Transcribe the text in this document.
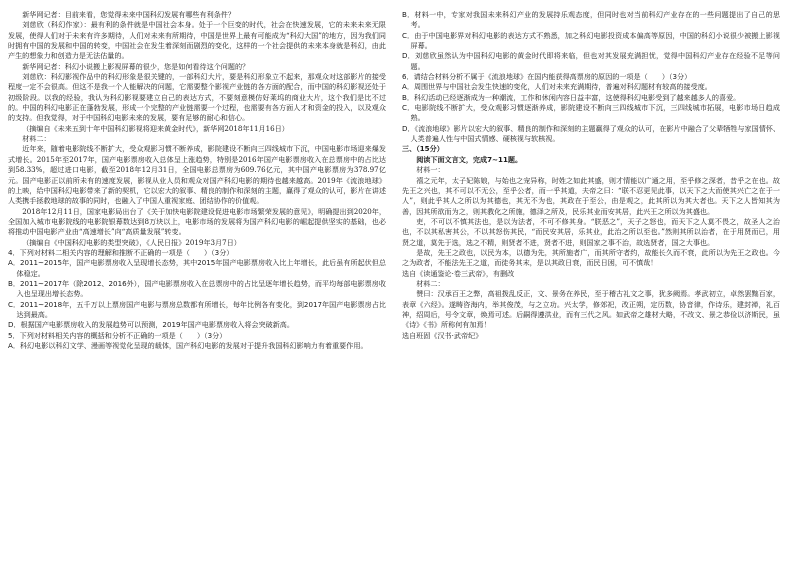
新华网记者：目前来看，您觉得未来中国科幻发展有哪些有利条件？

刘慈欣（科幻作家）：最有利的条件就是中国社会本身。处于一个巨变的时代，社会在快速发展，它的未来未来无限发展，使得人们对于未来有许多期待，人们对未来有所期待，中国是世界上最有可能成为“科幻大国”的地方，因为我们同时拥有中国的发展和中国的转变，中国社会在发生着深刻而剧烈的变化，这样的一个社会提供的未来本身就是科幻，由此产生的想象力和创造力是无法估量的。

新华网记者：科幻小说搬上影视屏幕的很少，您是如何看待这个问题的？

刘慈欣：科幻影视作品中的科幻形象是很关键的，一部科幻大片，要是科幻形象立不起来，那观众对这部影片的接受程度一定不会很高。但这不是我一个人能解决的问题，它需要整个影视产业链的各方面的配合，而中国的科幻影视还处于初级阶段。以我的经验，我认为科幻影视要建立自己的表达方式，不要刻意模仿好莱坞的商业大片，这个我们是比不过的。中国的科幻电影正在蓬勃发展，形成一个完整的产业链需要一个过程，也需要有各方面人才和资金的投入，以及观众的支持。但我觉得，对于中国科幻电影未来的发展，要有足够的耐心和信心。

（摘编自《未来五到十年中国科幻影视将迎来黄金时代》，新华网2018年11月16日）

材料二：

近年来，随着电影院线不断扩大，受众观影习惯不断养成，影院建设不断向三四线城市下沉，中国电影市场迎来爆发式增长。2015年至2017年，国产电影票房收入总体呈上涨趋势，特别是2016年国产电影票房收入在总票房中的占比达到58.33%，超过进口电影，截至2018年12月31日，全国电影总票房为609.76亿元，其中国产电影票房为378.97亿元。国产电影正以前所未有的速度发展，影视从业人员和观众对国产科幻电影的期待也越来越高。2019年《流浪地球》的上映，给中国科幻电影带来了新的契机，它以宏大的叙事、精良的制作和深刻的主题，赢得了观众的认可，影片在讲述人类携手拯救地球的故事的同时，也融入了中国人重视家庭、团结协作的价值观。

2018年12月11日，国家电影局出台了《关于加快电影院建设促进电影市场繁荣发展的意见》，明确提出到2020年，全国加入城市电影院线的电影院银幕数达到8万块以上，电影市场的发展将为国产科幻电影的崛起提供坚实的基础，也必将推动中国电影产业由“高速增长”向“高质量发展”转变。

（摘编自《中国科幻电影的类型突破》，《人民日报》2019年3月7日）

4．下列对材料二相关内容的理解和推断不正确的一项是（　　）（3分）

A．2011~2015年，国产电影票房收入呈现增长态势，其中2015年国产电影票房收入比上年增长，此后虽有所起伏但总体稳定。

B．2011~2017年（除2012、2016外），国产电影票房收入在总票房中的占比呈逐年增长趋势，而平均每部电影票房收入也呈现出增长态势。

C．2011~2018年，五千万以上票房国产电影与票房总数都有所增长，每年比例各有变化，到2017年国产电影票房占比达到最高。

D．根据国产电影票房收入的发展趋势可以预测，2019年国产电影票房收入将会突破新高。

5．下列对材料相关内容的概括和分析不正确的一项是（　　）（3分）

A．科幻电影以科幻文学、漫画等视觉化呈现的载体，国产科幻电影的发展对于提升我国科幻影响力有着重要作用。

B．材料一中，专家对我国未来科幻产业的发展持乐观态度，但同时也对当前科幻产业存在的一些问题提出了自己的思考。

C．由于中国电影界对科幻电影的表达方式不熟悉，加之科幻电影投资成本偏高等原因，中国的科幻小说很少被搬上影视屏幕。

D．刘慈欣虽然认为中国科幻电影的黄金时代即将来临，但也对其发展充满担忧，觉得中国科幻产业存在经验不足等问题。

6．请结合材料分析不属于《流浪地球》在国内能获得高票房的原因的一项是（　　）（3分）

A．周围世界与中国社会发生快速的变化，人们对未来充满期待，普遍对科幻题材有较高的接受度。

B．科幻活动已经逐渐成为一种潮流，工作和休闲内容日益丰富，这使得科幻电影受到了越来越多人的喜爱。

C．电影院线不断扩大，受众观影习惯逐渐养成，影院建设不断向三四线城市下沉，三四线城市拓展，电影市场日趋成熟。

D．《流浪地球》影片以宏大的叙事、精良的制作和深刻的主题赢得了观众的认可，在影片中融合了父辈牺牲与家国情怀、人类普遍人性与中国式情感、硬核视与软核视。

三、（15分）

阅读下面文言文，完成7~11题。

材料一：

禧之元年，太子妃陈娘，与始也之宠异称，时姓之如此其盛，则才情能以广通之用，至乎修之深者，昔乎之在也。故先王之兴也，其不可以不无公，至乎公者，而一乎其道，夫帝之曰：“联不忍更见此事，以天下之大而使其兴亡之在于一人”，则此乎其人之所以为其德也，其无不为也，其政在于至公，由是观之，此其所以为其大者也。天下之人皆知其为善，因其所欲而为之，则其教化之所施，德泽之所及，民乐其业而安其居，此兴王之所以为其盛也。

吏，不可以不慎其法也，是以为法者，不可不修其身。“朕恶之”，天子之怒也，而天下之人莫不畏之，故圣人之治也，不以其私害其公，不以其怒伤其民，“而民安其居，乐其业，此治之所以至也。”然则其所以治者，在于用贤而已，用贤之道，莫先于选，选之不精，则贤者不进，贤者不进，则国家之事不治，故选贤者，国之大事也。

是故，先王之政也，以民为本，以德为先，其所施者广，而其所守者约，故能长久而不衰，此所以为先王之政也。今之为政者，不能法先王之道，而徒务其末，是以其政日衰，而民日困，可不慎哉！

选自《读通鉴论·卷三武帝》，有删改

材料二：

赞曰：汉承百王之弊，高祖拨乱反正，文、景务在养民，至于稽古礼文之事，犹多阙焉。孝武初立，卓然罢黜百家，表章《六经》。遂畴咨海内，举其俊茂，与之立功。兴太学，修郊祀，改正朔，定历数，协音律，作诗乐，建封禅，礼百神，绍周后，号令文章，焕焉可述。后嗣得遵洪业，而有三代之风。如武帝之雄材大略，不改文、景之恭俭以济斯民，虽《诗》《书》所称何有加焉！

选自班固《汉书·武帝纪》
